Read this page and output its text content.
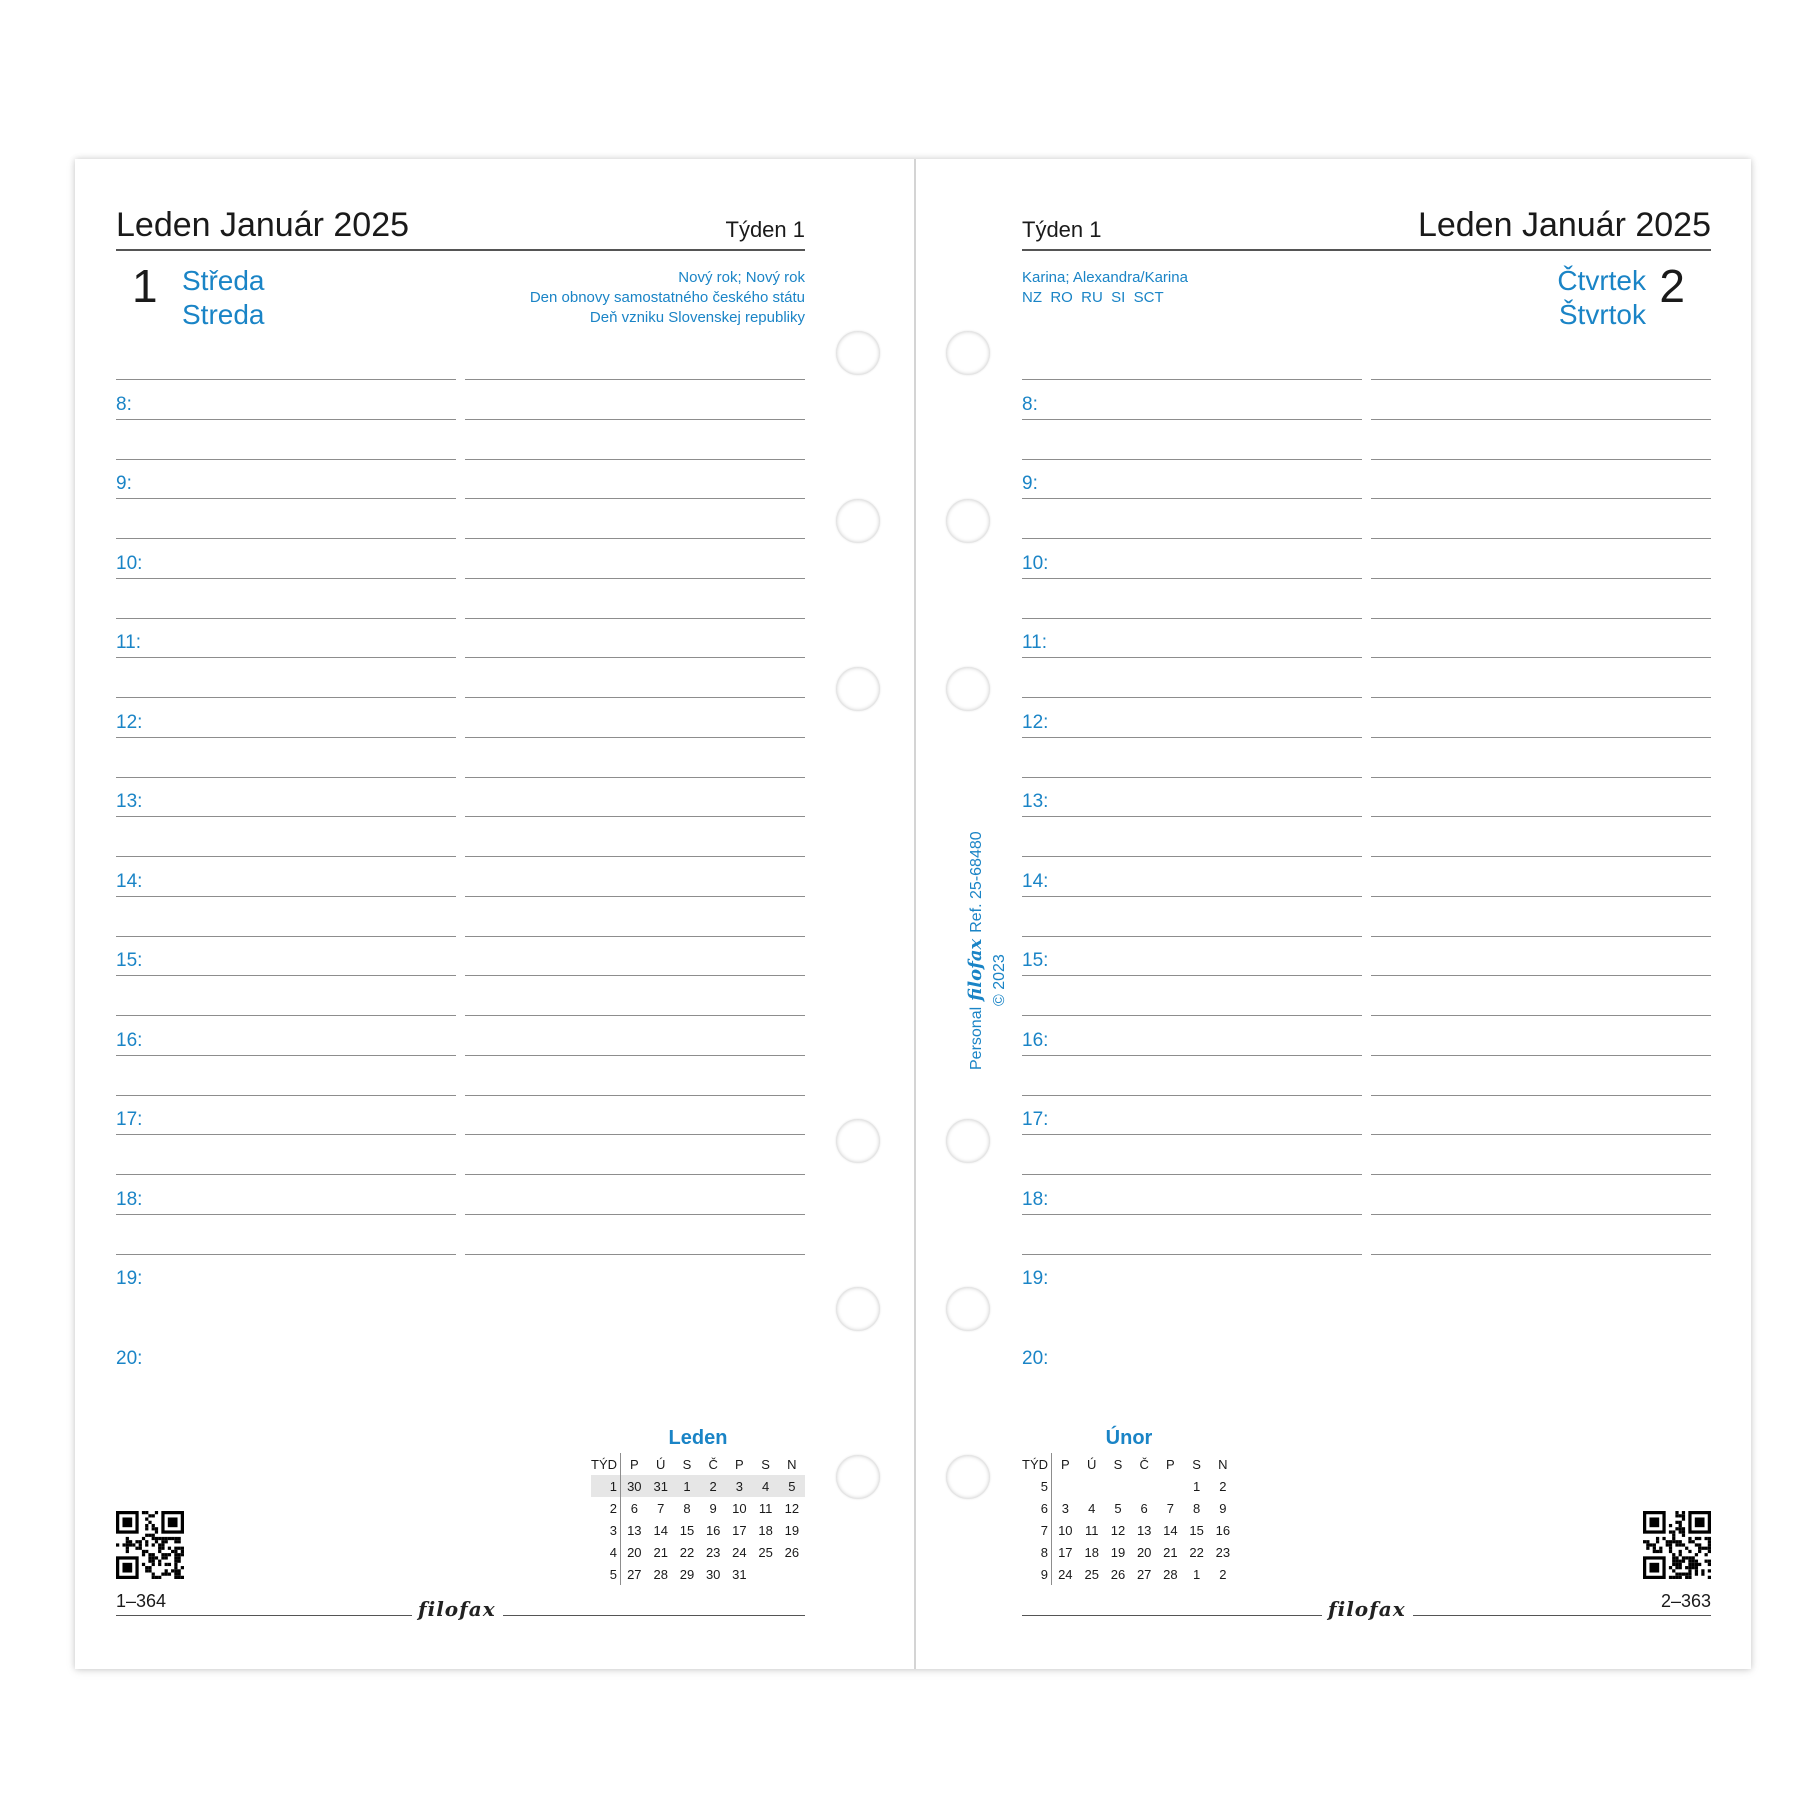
Leden Január 2025	Týden 1
1 Středa
Streda
Nový rok; Nový rok
Den obnovy samostatného českého státu
Deň vzniku Slovenskej republiky
8:
9:
10:
11:
12:
13:
14:
15:
16:
17:
18:
19:
20:
Leden
TÝD	P	Ú	S	Č	P	S	N
1	30	31	1	2	3	4	5
2	6	7	8	9	10	11	12
3	13	14	15	16	17	18	19
4	20	21	22	23	24	25	26
5	27	28	29	30	31		
1–364	filofax
Leden Január 2025
Týden 1
2
Čtvrtek
Štvrtok
Karina; Alexandra/Karina
NZ  RO  RU  SI  SCT
8:
9:
10:
11:
12:
13:
14:
15:
16:
17:
18:
19:
20:
Únor
TÝD	P	Ú	S	Č	P	S	N
5						1	2
6	3	4	5	6	7	8	9
7	10	11	12	13	14	15	16
8	17	18	19	20	21	22	23
9	24	25	26	27	28	1	2
2–363
filofax
PersonalfilofaxRef. 25-68480
© 2023
